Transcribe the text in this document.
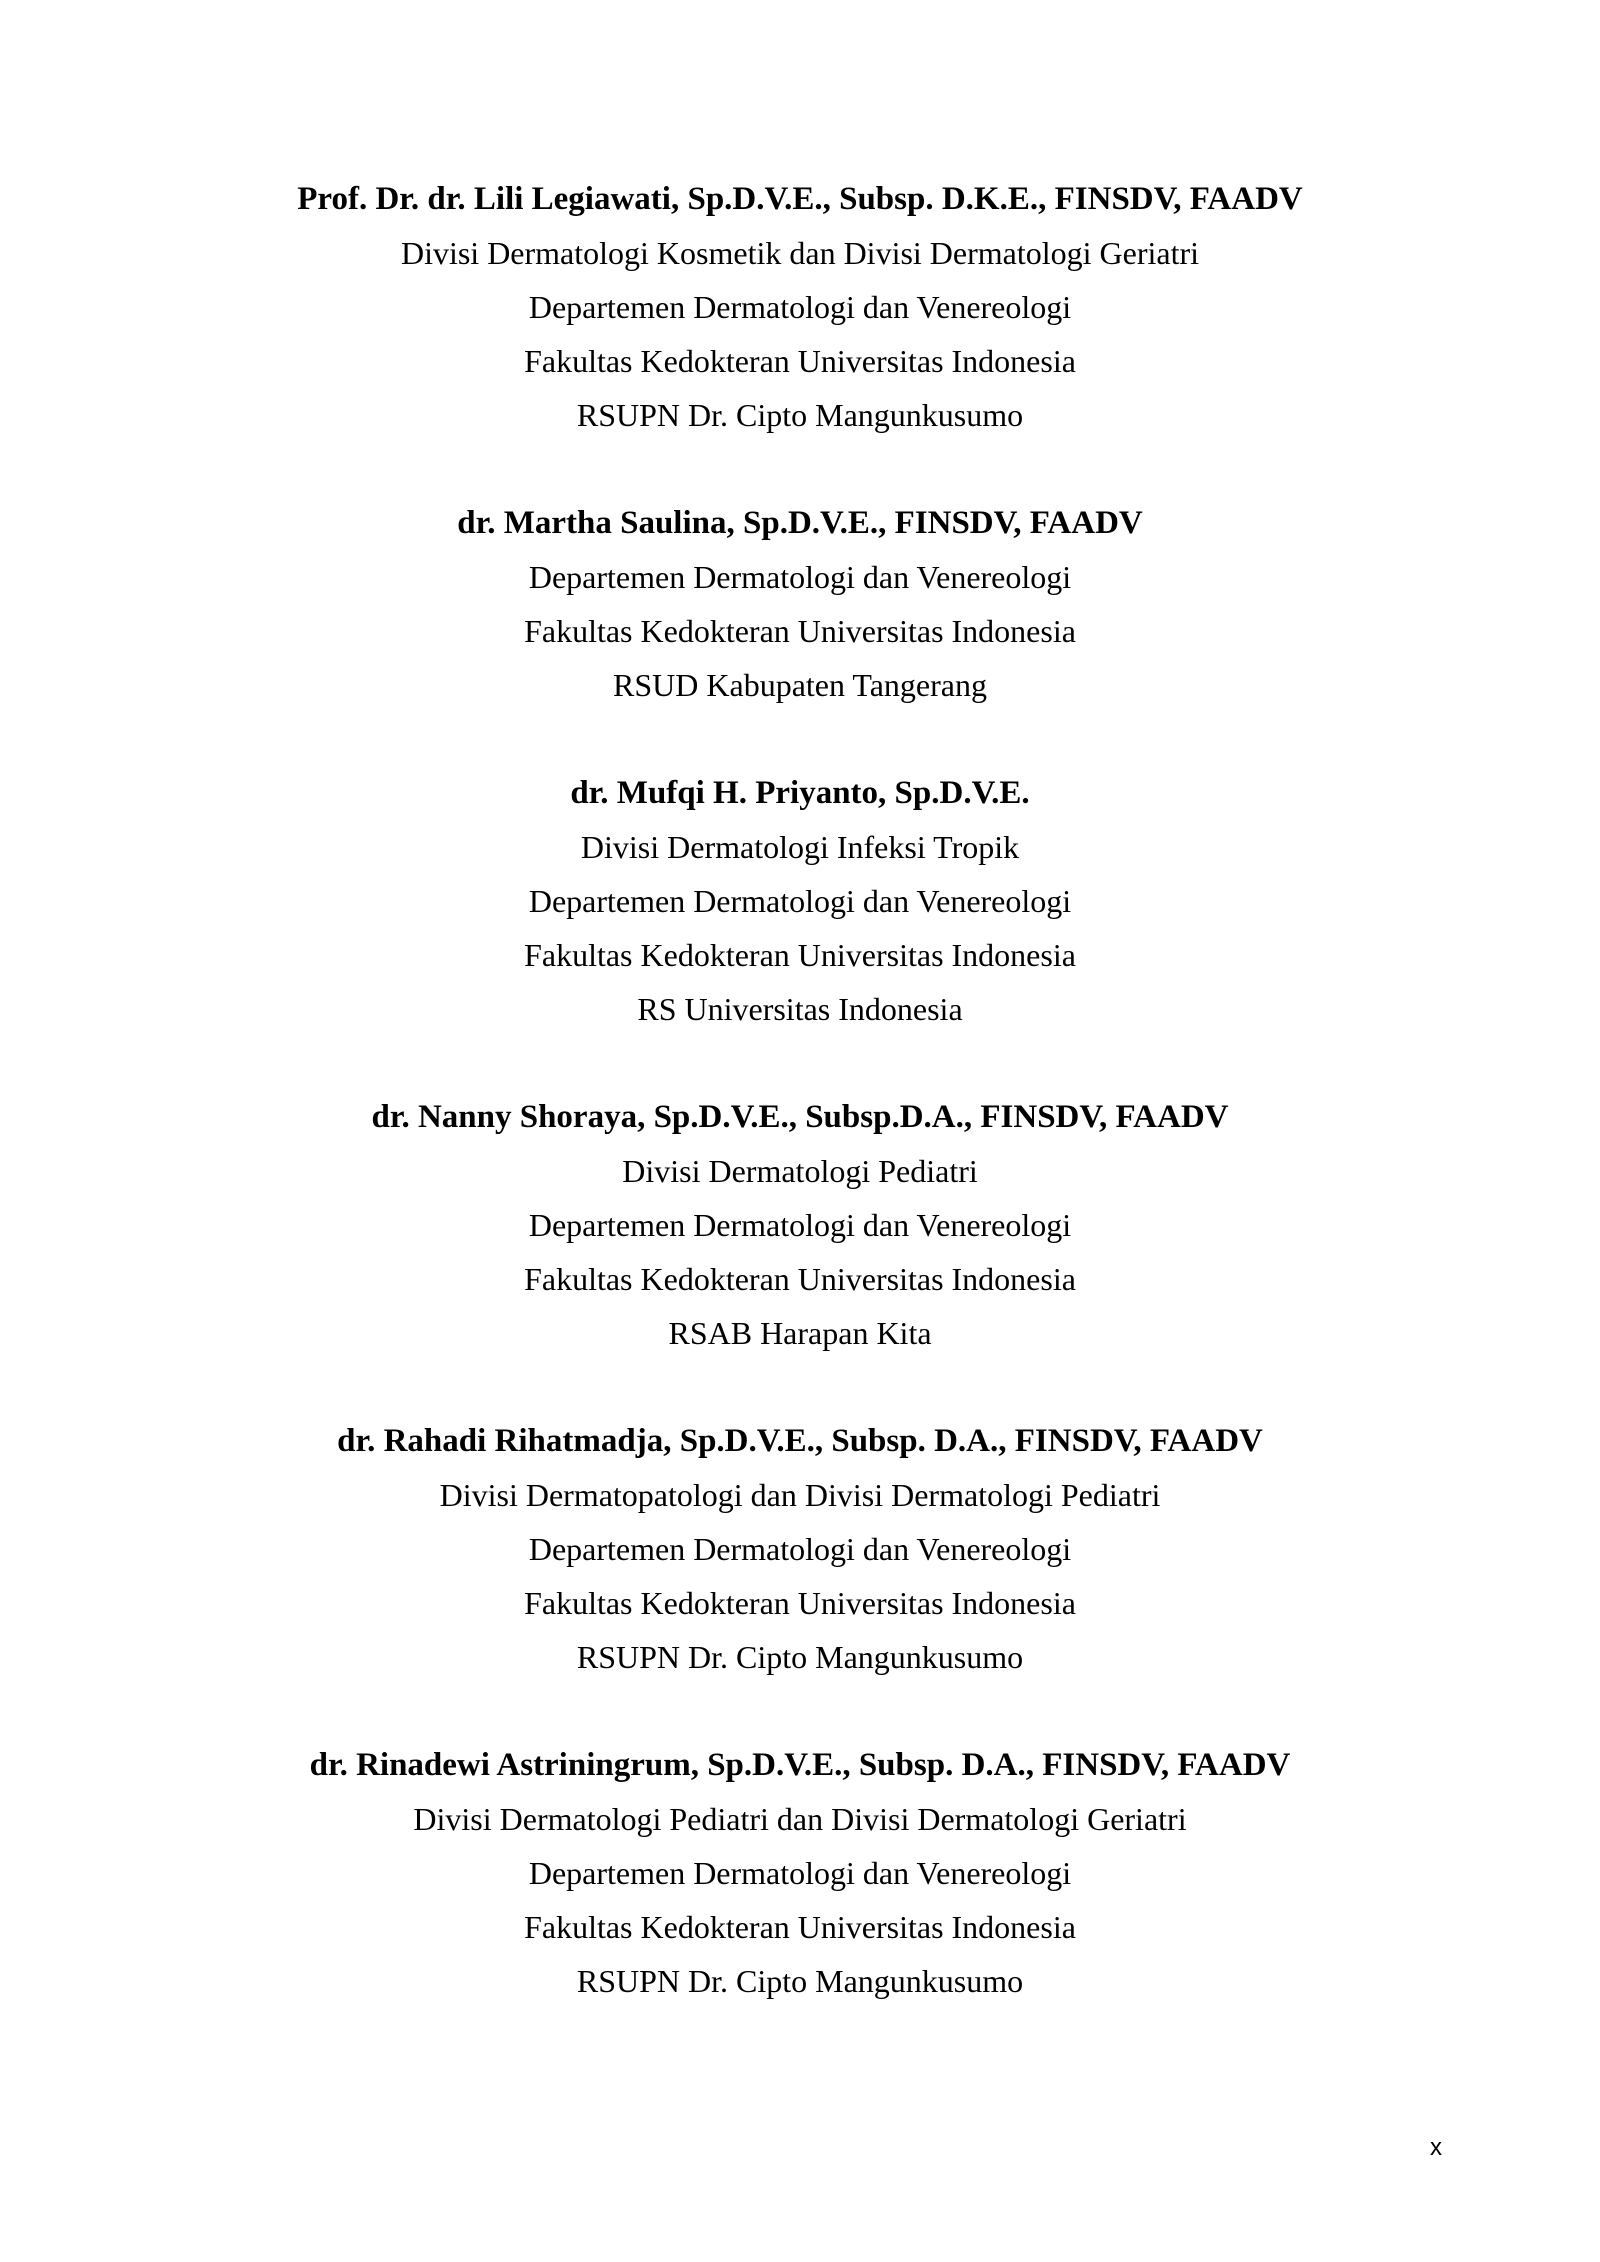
Prof. Dr. dr. Lili Legiawati, Sp.D.V.E., Subsp. D.K.E., FINSDV, FAADV

Divisi Dermatologi Kosmetik dan Divisi Dermatologi Geriatri

Departemen Dermatologi dan Venereologi

Fakultas Kedokteran Universitas Indonesia

RSUPN Dr. Cipto Mangunkusumo

dr. Martha Saulina, Sp.D.V.E., FINSDV, FAADV

Departemen Dermatologi dan Venereologi

Fakultas Kedokteran Universitas Indonesia

RSUD Kabupaten Tangerang

dr. Mufqi H. Priyanto, Sp.D.V.E.

Divisi Dermatologi Infeksi Tropik

Departemen Dermatologi dan Venereologi

Fakultas Kedokteran Universitas Indonesia

RS Universitas Indonesia

dr. Nanny Shoraya, Sp.D.V.E., Subsp.D.A., FINSDV, FAADV

Divisi Dermatologi Pediatri

Departemen Dermatologi dan Venereologi

Fakultas Kedokteran Universitas Indonesia

RSAB Harapan Kita

dr. Rahadi Rihatmadja, Sp.D.V.E., Subsp. D.A., FINSDV, FAADV

Divisi Dermatopatologi dan Divisi Dermatologi Pediatri

Departemen Dermatologi dan Venereologi

Fakultas Kedokteran Universitas Indonesia

RSUPN Dr. Cipto Mangunkusumo

dr. Rinadewi Astriningrum, Sp.D.V.E., Subsp. D.A., FINSDV, FAADV

Divisi Dermatologi Pediatri dan Divisi Dermatologi Geriatri

Departemen Dermatologi dan Venereologi

Fakultas Kedokteran Universitas Indonesia

RSUPN Dr. Cipto Mangunkusumo

x
